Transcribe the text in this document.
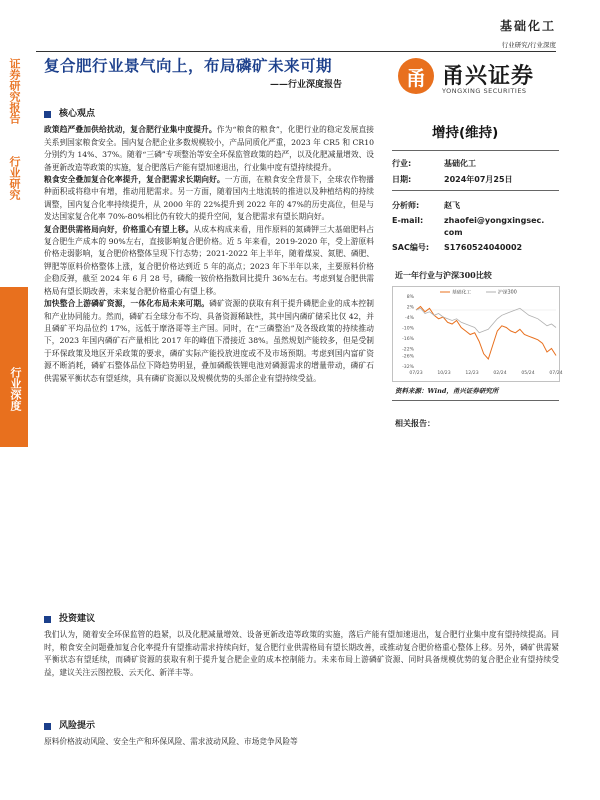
基础化工
行业研究/行业深度
证券研究报告
行业研究
行业深度
复合肥行业景气向上，布局磷矿未来可期
——行业深度报告	甬 甬兴证券
YONGXING SECURITIES
核心观点

政策趋严叠加供给扰动，复合肥行业集中度提升。作为“粮食的粮食”，化肥行业的稳定发展直接关系到国家粮食安全。国内复合肥企业多数规模较小，产品同质化严重，2023 年 CR5 和 CR10 分别约为 14%、37%。随着“三磷”专项整治等安全环保监管政策的趋严，以及化肥减量增效、设备更新改造等政策的实施，复合肥落后产能有望加速退出，行业集中度有望持续提升。

粮食安全叠加复合化率提升，复合肥需求长期向好。一方面，在粮食安全背景下，全球农作物播种面积或将稳中有增，推动用肥需求。另一方面，随着国内土地流转的推进以及种植结构的持续调整，国内复合化率持续提升，从 2000 年的 22%提升到 2022 年的 47%的历史高位，但是与发达国家复合化率 70%-80%相比仍有较大的提升空间，复合肥需求有望长期向好。

复合肥供需格局向好，价格重心有望上移。从成本构成来看，用作原料的氮磷钾三大基础肥料占复合肥生产成本的 90%左右，直接影响复合肥价格。近 5 年来看，2019-2020 年，受上游原料价格走弱影响，复合肥价格整体呈现下行态势；2021-2022 年上半年，随着煤炭、氮肥、磷肥、钾肥等原料价格整体上涨，复合肥价格达到近 5 年的高点；2023 年下半年以来，主要原料价格企稳反弹，截至 2024 年 6 月 28 号，磷酸一铵价格指数同比提升 36%左右。考虑到复合肥供需格局有望长期改善，未来复合肥价格重心有望上移。

加快整合上游磷矿资源，一体化布局未来可期。磷矿资源的获取有利于提升磷肥企业的成本控制和产业协同能力。然而，磷矿石全球分布不均、具备资源稀缺性，其中国内磷矿储采比仅 42，并且磷矿平均品位约 17%，远低于摩洛哥等主产国。同时，在“三磷整治”及各级政策的持续推动下，2023 年国内磷矿石产量相比 2017 年的峰值下滑接近 38%。虽然规划产能较多，但是受制于环保政策及地区开采政策的要求，磷矿实际产能投放进度或不及市场预期。考虑到国内富矿资源不断消耗，磷矿石整体品位下降趋势明显，叠加磷酸铁锂电池对磷源需求的增量带动，磷矿石供需紧平衡状态有望延续，具有磷矿资源以及规模优势的头部企业有望持续受益。

投资建议

我们认为，随着安全环保监管的趋紧，以及化肥减量增效、设备更新改造等政策的实施，落后产能有望加速退出，复合肥行业集中度有望持续提高。同时，粮食安全问题叠加复合化率提升有望推动需求持续向好，复合肥行业供需格局有望长期改善，或推动复合肥价格重心整体上移。另外，磷矿供需紧平衡状态有望延续，而磷矿资源的获取有利于提升复合肥企业的成本控制能力。未来布局上游磷矿资源、同时具备规模优势的复合肥企业有望持续受益，建议关注云图控股、云天化、新洋丰等。

风险提示

原料价格波动风险、安全生产和环保风险、需求波动风险、市场竞争风险等

增持(维持)
行业:	基础化工
日期:	2024年07月25日
分析师:	赵飞
E-mail:	zhaofei@yongxingsec.
com
SAC编号: S1760524040002
近一年行业与沪深300比较
8%
2%
-4%
-10%
-16%
-22%
-26%
-32%
07/23	10/23	12/23	02/24	05/24	07/24
基础化工	沪深300
资料来源：Wind，甬兴证券研究所
相关报告：
